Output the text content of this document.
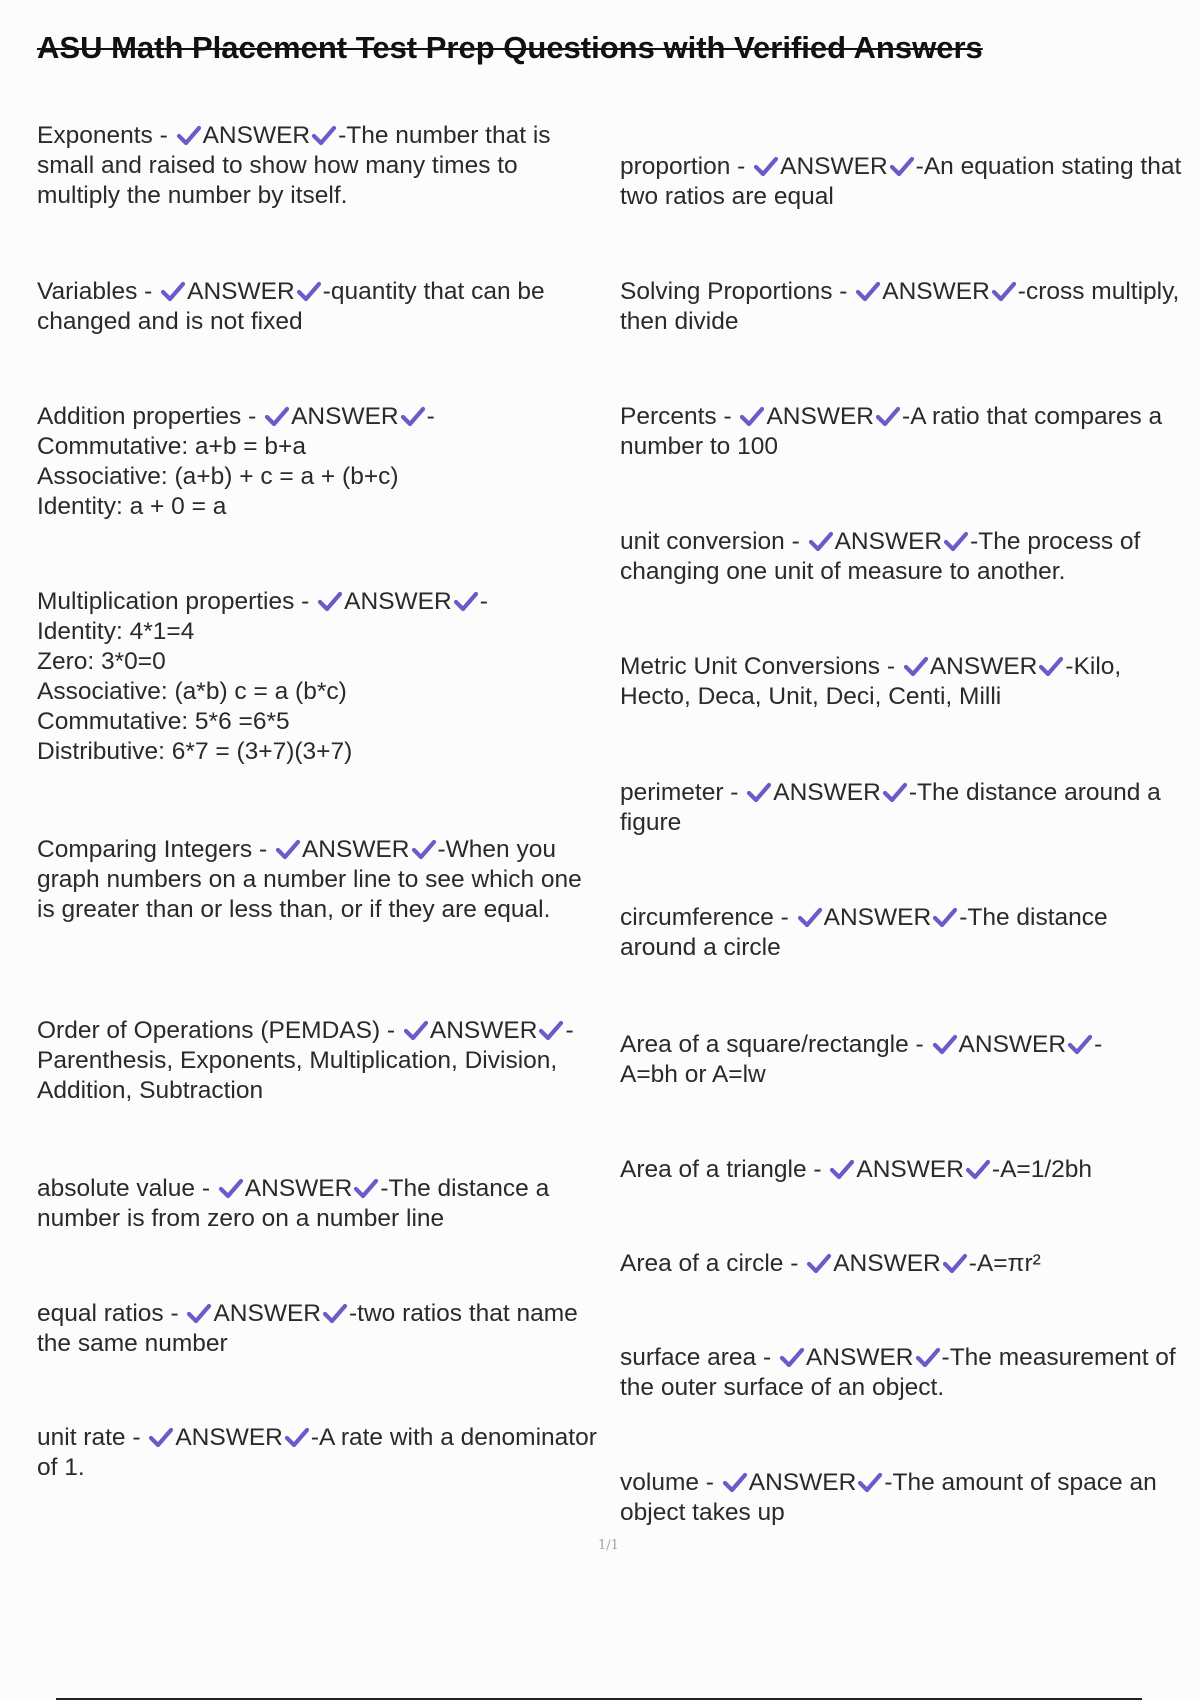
ASU Math Placement Test Prep Questions with Verified Answers
Exponents -
ANSWER -The number that is small and raised to show how many times to multiply the number by itself.
Variables -
ANSWER -quantity that can be changed and is not fixed
Addition properties -
ANSWER -
Commutative: a+b = b+a
Associative: (a+b) + c = a + (b+c)
Identity: a + 0 = a
Multiplication properties -
ANSWER -
Identity: 4*1=4
Zero: 3*0=0
Associative: (a*b) c = a (b*c)
Commutative: 5*6 =6*5
Distributive: 6*7 = (3+7)(3+7)
Comparing Integers -
ANSWER -When you graph numbers on a number line to see which one is greater than or less than, or if they are equal.
Order of Operations (PEMDAS) -
ANSWER -Parenthesis, Exponents, Multiplication, Division, Addition, Subtraction
absolute value -
ANSWER -The distance a number is from zero on a number line
equal ratios -
ANSWER -two ratios that name the same number
unit rate -
ANSWER -A rate with a denominator of 1.
proportion -
ANSWER -An equation stating that two ratios are equal
Solving Proportions -
ANSWER -cross multiply, then divide
Percents -
ANSWER -A ratio that compares a number to 100
unit conversion -
ANSWER -The process of changing one unit of measure to another.
Metric Unit Conversions -
ANSWER -Kilo, Hecto, Deca, Unit, Deci, Centi, Milli
perimeter -
ANSWER -The distance around a figure
circumference -
ANSWER -The distance around a circle
Area of a square/rectangle -
ANSWER -
A=bh or A=lw
Area of a triangle -
ANSWER -A=1/2bh
Area of a circle -
ANSWER -A=πr²
surface area -
ANSWER -The measurement of the outer surface of an object.
volume -
ANSWER -The amount of space an object takes up
1/1
